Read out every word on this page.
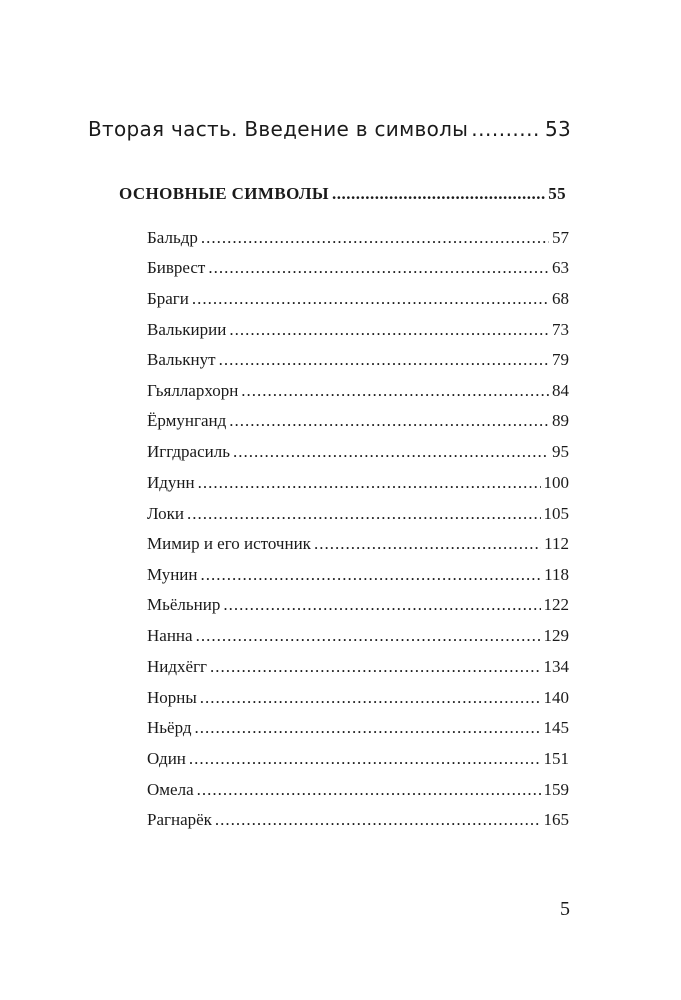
Вторая часть. Введение в символы .....	53
ОСНОВНЫЕ СИМВОЛЫ .....	55
Бальдр .....	57
Биврест .....	63
Браги .....	68
Валькирии .....	73
Валькнут .....	79
Гьяллархорн .....	84
Ёрмунганд .....	89
Иггдрасиль .....	95
Идунн .....	100
Локи .....	105
Мимир и его источник .....	112
Мунин .....	118
Мьёльнир .....	122
Нанна .....	129
Нидхёгг .....	134
Норны .....	140
Ньёрд .....	145
Один .....	151
Омела .....	159
Рагнарёк .....	165
5
